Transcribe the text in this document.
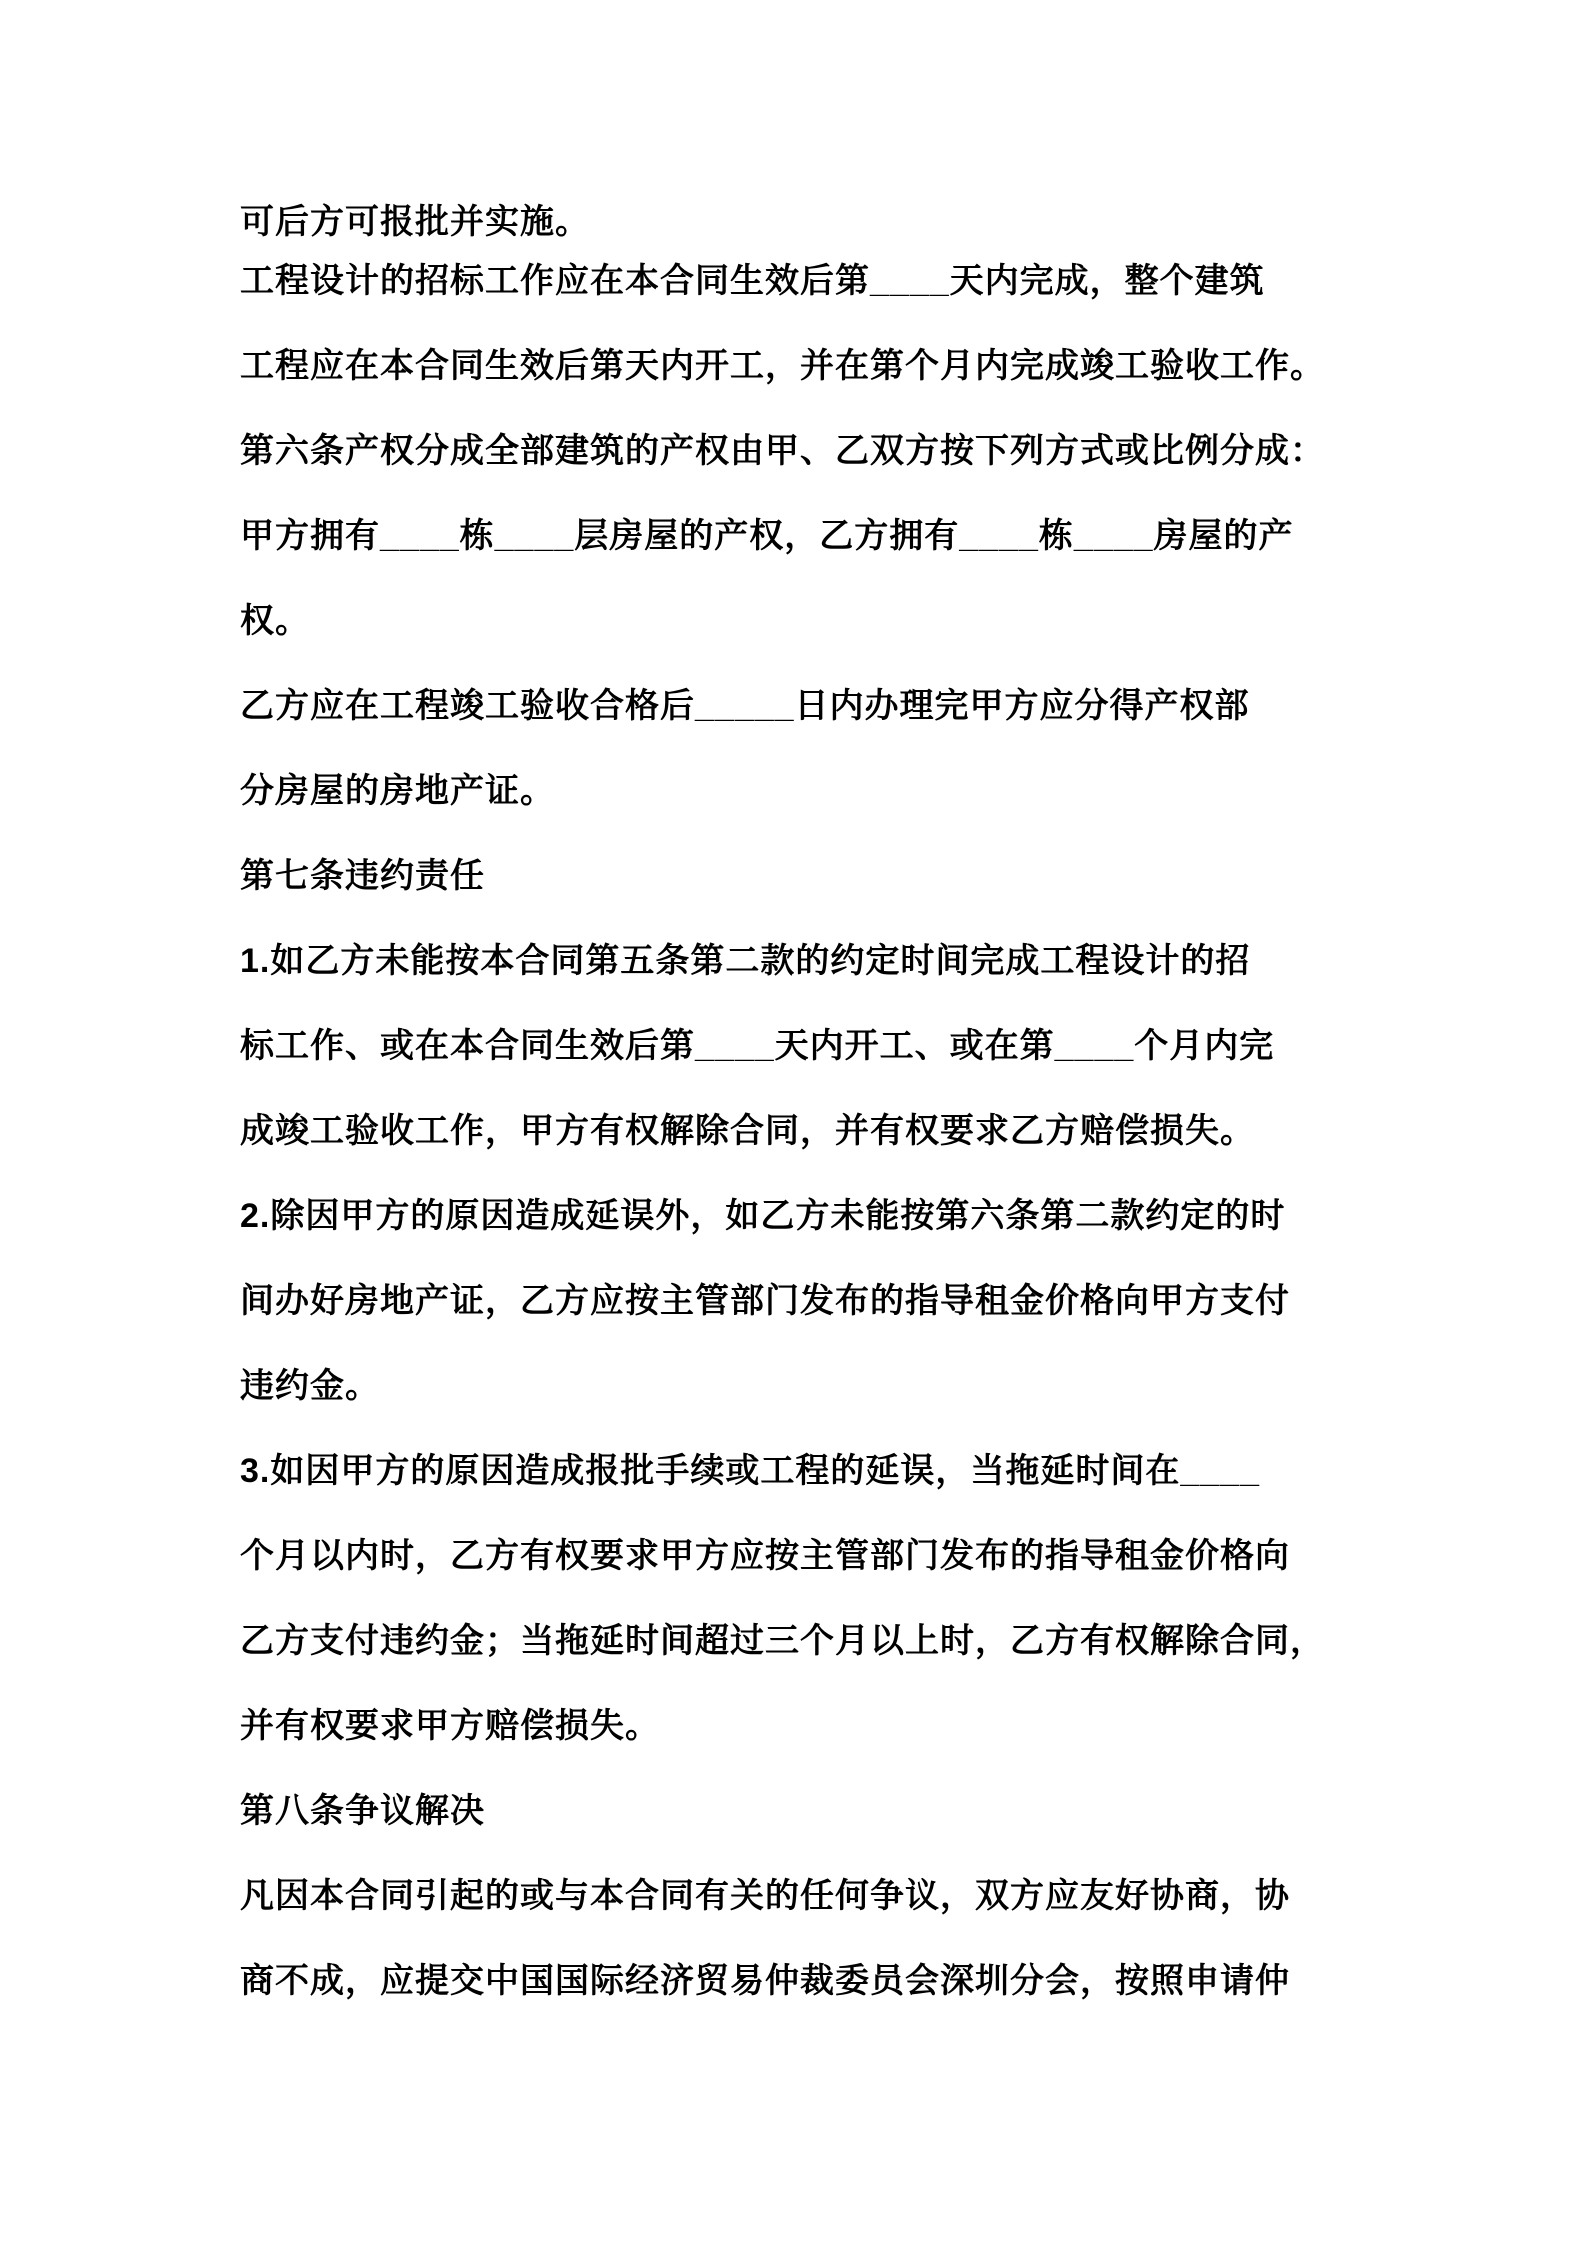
可后方可报批并实施。

工程设计的招标工作应在本合同生效后第____天内完成，整个建筑

工程应在本合同生效后第天内开工，并在第个月内完成竣工验收工作。

第六条产权分成全部建筑的产权由甲、乙双方按下列方式或比例分成：

甲方拥有____栋____层房屋的产权，乙方拥有____栋____房屋的产

权。

乙方应在工程竣工验收合格后_____日内办理完甲方应分得产权部

分房屋的房地产证。

第七条违约责任

1.如乙方未能按本合同第五条第二款的约定时间完成工程设计的招

标工作、或在本合同生效后第____天内开工、或在第____个月内完

成竣工验收工作，甲方有权解除合同，并有权要求乙方赔偿损失。

2.除因甲方的原因造成延误外，如乙方未能按第六条第二款约定的时

间办好房地产证，乙方应按主管部门发布的指导租金价格向甲方支付

违约金。

3.如因甲方的原因造成报批手续或工程的延误，当拖延时间在____

个月以内时，乙方有权要求甲方应按主管部门发布的指导租金价格向

乙方支付违约金；当拖延时间超过三个月以上时，乙方有权解除合同，

并有权要求甲方赔偿损失。

第八条争议解决

凡因本合同引起的或与本合同有关的任何争议，双方应友好协商，协

商不成，应提交中国国际经济贸易仲裁委员会深圳分会，按照申请仲
